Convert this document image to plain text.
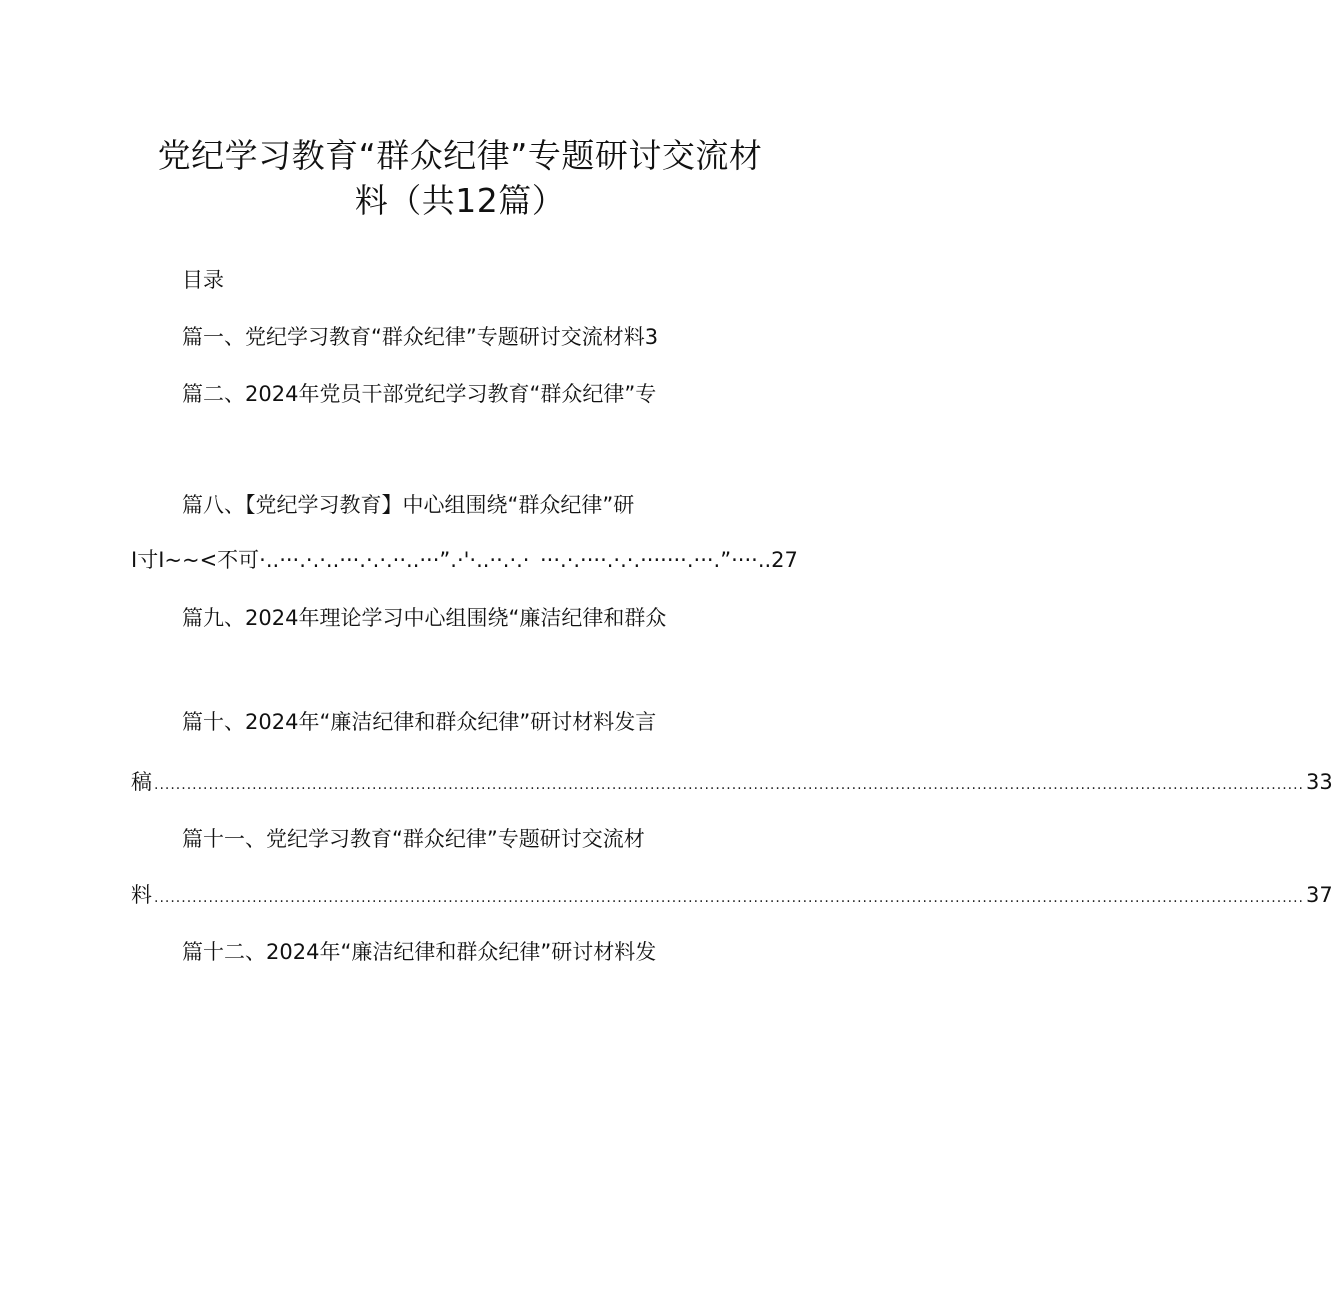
党纪学习教育“群众纪律”专题研讨交流材
料（共12篇）
目录
篇一、党纪学习教育“群众纪律”专题研讨交流材料3
篇二、2024年党员干部党纪学习教育“群众纪律”专
篇八、【党纪学习教育】中心组围绕“群众纪律”研
I寸I~~<不可·..···.·.·..···.·.·.··..···”.·'·..··.·.· ···.·.····.·.·.·······.···.”····..27
篇九、2024年理论学习中心组围绕“廉洁纪律和群众
篇十、2024年“廉洁纪律和群众纪律”研讨材料发言
稿 ................................................................................................................................................................................................................... 33
篇十一、党纪学习教育“群众纪律”专题研讨交流材
料 ................................................................................................................................................................................................................... 37
篇十二、2024年“廉洁纪律和群众纪律”研讨材料发
